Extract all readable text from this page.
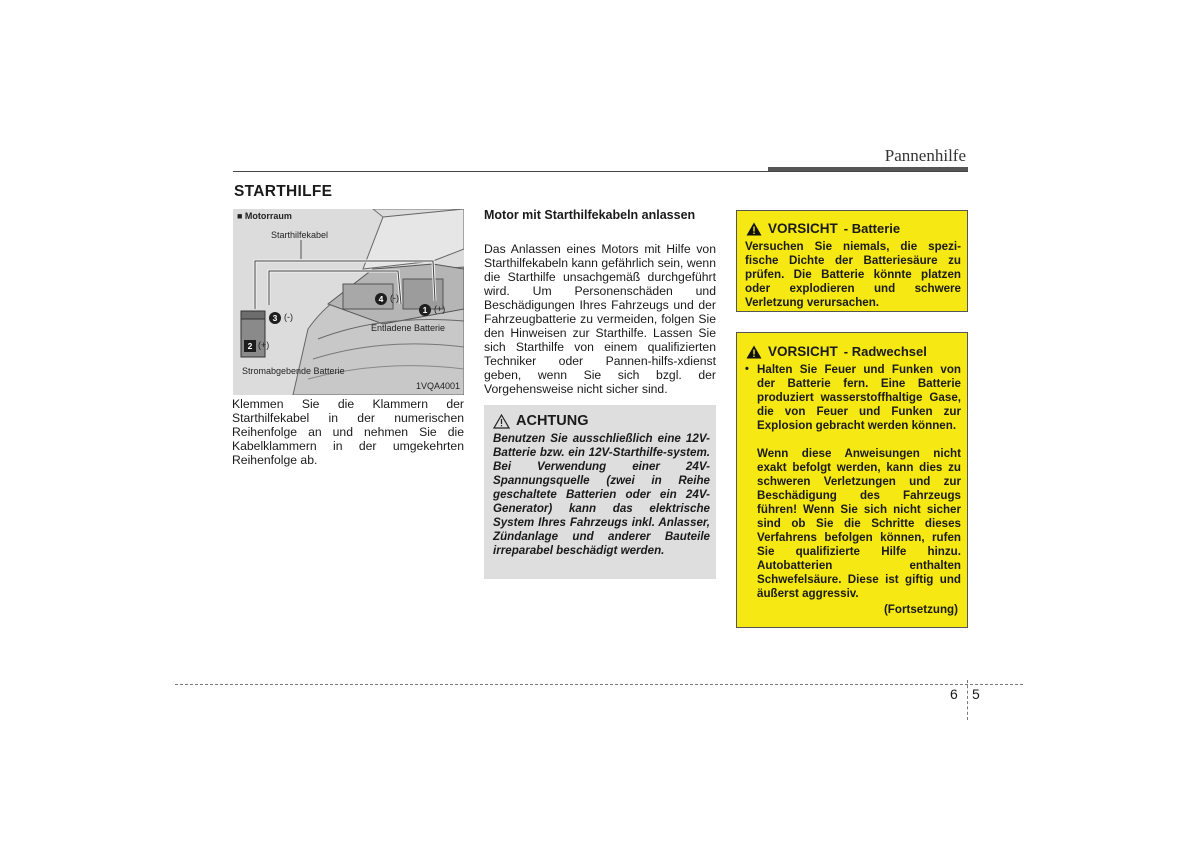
Pannenhilfe
STARTHILFE
■ Motorraum
Starthilfekabel
1 (+)
2 (+)
3 (-)
4 (-)
Entladene Batterie
Stromabgebende Batterie
1VQA4001
Klemmen Sie die Klammern der Starthilfekabel in der numerischen Reihenfolge an und nehmen Sie die Kabelklammern in der umgekehrten Reihenfolge ab.
Motor mit Starthilfekabeln anlassen
Das Anlassen eines Motors mit Hilfe von Starthilfekabeln kann gefährlich sein, wenn die Starthilfe unsachgemäß durchgeführt wird. Um Personenschäden und Beschädigungen Ihres Fahrzeugs und der Fahrzeugbatterie zu vermeiden, folgen Sie den Hinweisen zur Starthilfe. Lassen Sie sich Starthilfe von einem qualifizierten Techniker oder Pannen-hilfs-xdienst geben, wenn Sie sich bzgl. der Vorgehensweise nicht sicher sind.
ACHTUNG
Benutzen Sie ausschließlich eine 12V-Batterie bzw. ein 12V-Starthilfe-system. Bei Verwendung einer 24V-Spannungsquelle (zwei in Reihe geschaltete Batterien oder ein 24V-Generator) kann das elektrische System Ihres Fahrzeugs inkl. Anlasser, Zündanlage und anderer Bauteile irreparabel beschädigt werden.
VORSICHT - Batterie
Versuchen Sie niemals, die spezi-fische Dichte der Batteriesäure zu prüfen. Die Batterie könnte platzen oder explodieren und schwere Verletzung verursachen.
VORSICHT - Radwechsel
• Halten Sie Feuer und Funken von der Batterie fern. Eine Batterie produziert wasserstoffhaltige Gase, die von Feuer und Funken zur Explosion gebracht werden können.
Wenn diese Anweisungen nicht exakt befolgt werden, kann dies zu schweren Verletzungen und zur Beschädigung des Fahrzeugs führen! Wenn Sie sich nicht sicher sind ob Sie die Schritte dieses Verfahrens befolgen können, rufen Sie qualifizierte Hilfe hinzu. Autobatterien enthalten Schwefelsäure. Diese ist giftig und äußerst aggressiv.
(Fortsetzung)
6 5
